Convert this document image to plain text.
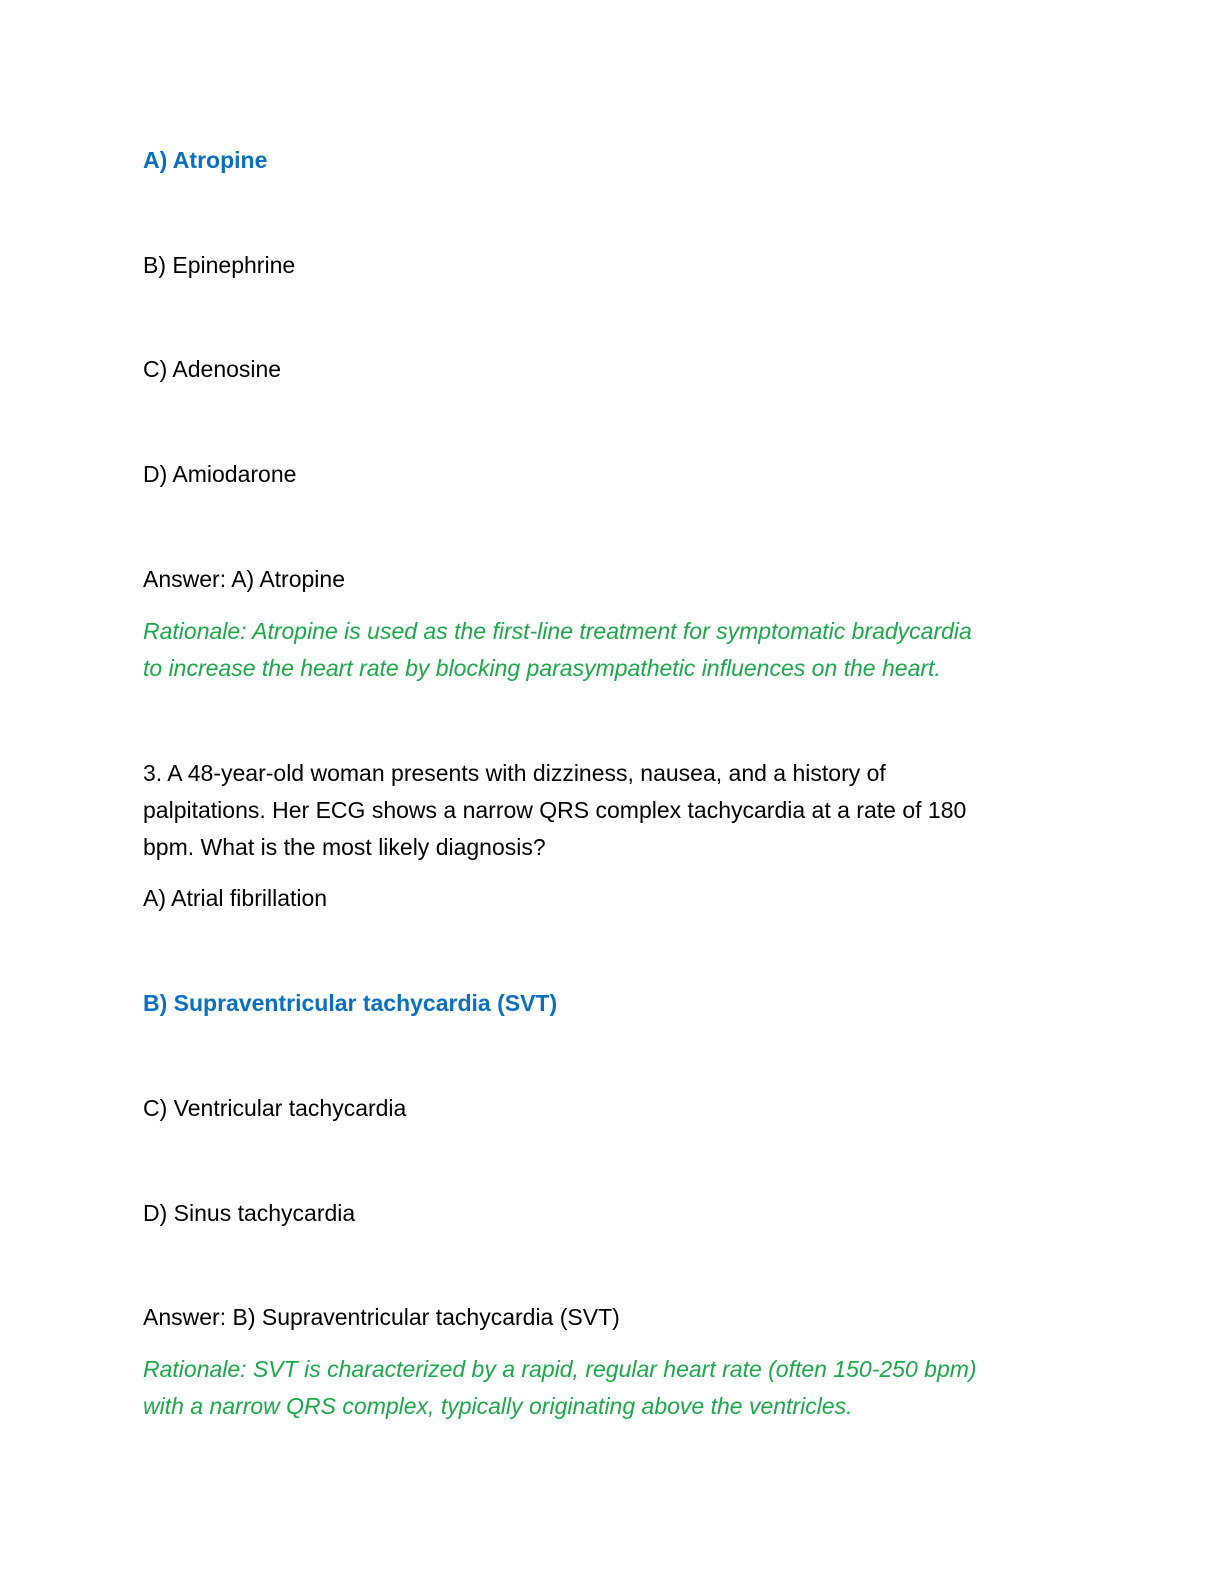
A) Atropine
B) Epinephrine
C) Adenosine
D) Amiodarone
Answer: A) Atropine
Rationale: Atropine is used as the first-line treatment for symptomatic bradycardia
to increase the heart rate by blocking parasympathetic influences on the heart.
3. A 48-year-old woman presents with dizziness, nausea, and a history of
palpitations. Her ECG shows a narrow QRS complex tachycardia at a rate of 180
bpm. What is the most likely diagnosis?
A) Atrial fibrillation
B) Supraventricular tachycardia (SVT)
C) Ventricular tachycardia
D) Sinus tachycardia
Answer: B) Supraventricular tachycardia (SVT)
Rationale: SVT is characterized by a rapid, regular heart rate (often 150-250 bpm)
with a narrow QRS complex, typically originating above the ventricles.
